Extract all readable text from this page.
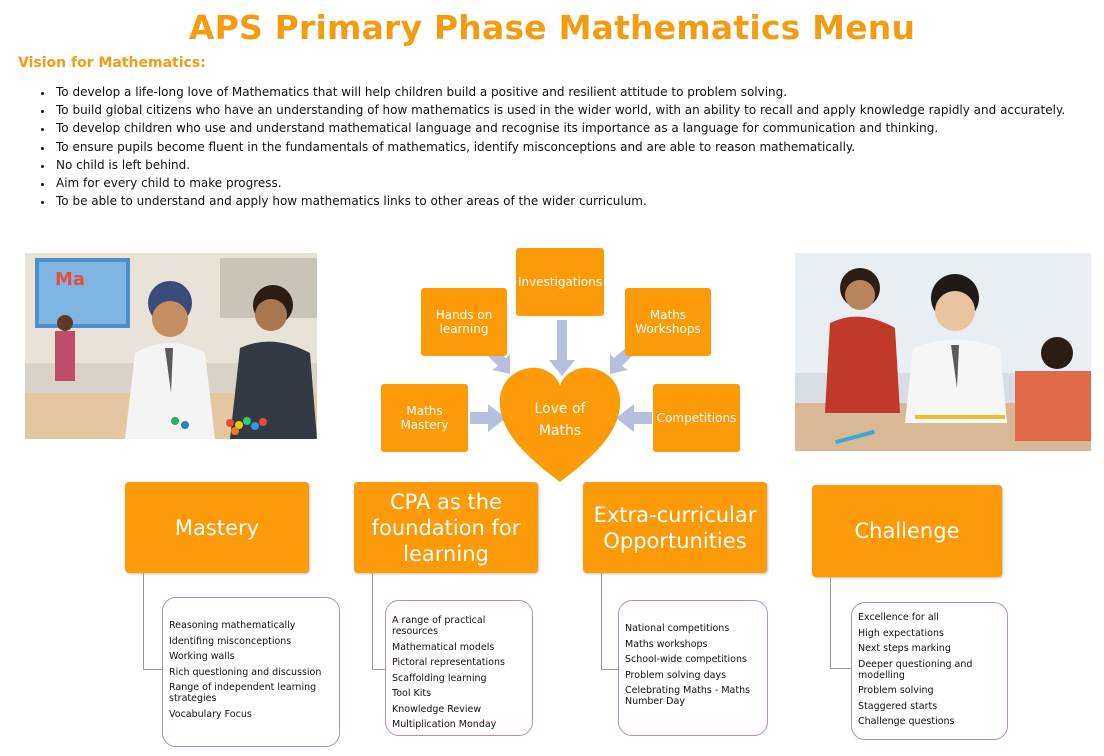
APS Primary Phase Mathematics Menu
Vision for Mathematics:
• To develop a life-long love of Mathematics that will help children build a positive and resilient attitude to problem solving.
• To build global citizens who have an understanding of how mathematics is used in the wider world, with an ability to recall and apply knowledge rapidly and accurately.
• To develop children who use and understand mathematical language and recognise its importance as a language for communication and thinking.
• To ensure pupils become fluent in the fundamentals of mathematics, identify misconceptions and are able to reason mathematically.
• No child is left behind.
• Aim for every child to make progress.
• To be able to understand and apply how mathematics links to other areas of the wider curriculum.
Ma
Love of
Maths
Investigations
Hands on
learning
Maths
Workshops
Maths
Mastery	Competitions
Mastery
Reasoning mathematically
Identifing misconceptions
Working walls
Rich questioning and discussion
Range of independent learning strategies
Vocabulary Focus
CPA as the
foundation for
learning
A range of practical resources
Mathematical models
Pictoral representations
Scaffolding learning
Tool Kits
Knowledge Review
Multiplication Monday
Extra-curricular
Opportunities
National competitions
Maths workshops
School-wide competitions
Problem solving days
Celebrating Maths - Maths Number Day
Challenge
Excellence for all
High expectations
Next steps marking
Deeper questioning and modelling
Problem solving
Staggered starts
Challenge questions
